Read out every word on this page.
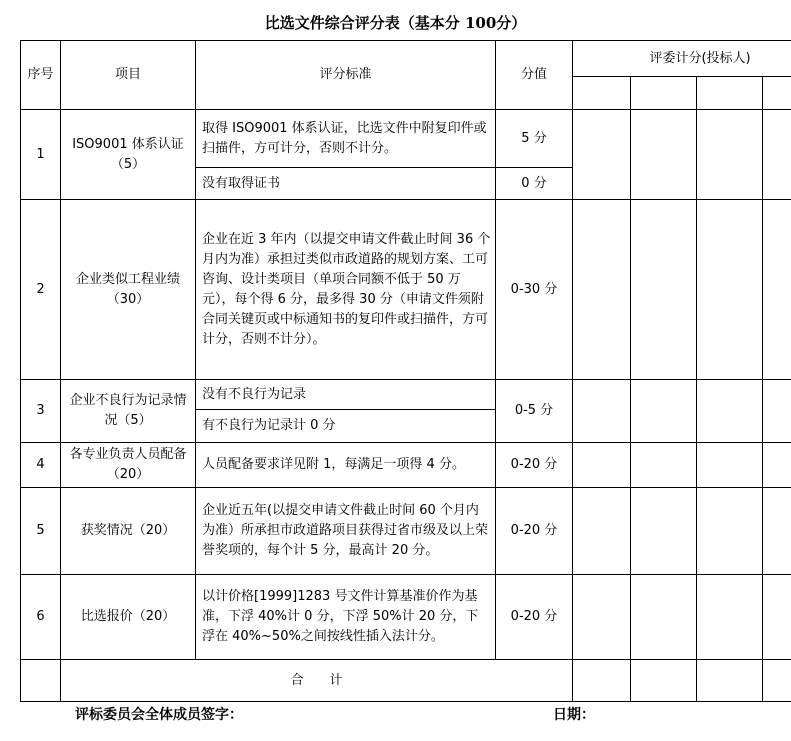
比选文件综合评分表（基本分 100分）
序号	项目	评分标准	分值	评委计分(投标人)			

1	ISO9001 体系认证（5）	取得 ISO9001 体系认证，比选文件中附复印件或扫描件，方可计分，否则不计分。	5 分				
		没有取得证书	0 分				
2	企业类似工程业绩（30）	企业在近 3 年内（以提交申请文件截止时间 36 个月内为准）承担过类似市政道路的规划方案、工可咨询、设计类项目（单项合同额不低于 50 万元），每个得 6 分，最多得 30 分（申请文件须附合同关键页或中标通知书的复印件或扫描件，方可计分，否则不计分）。	0-30 分				
3	企业不良行为记录情况（5）	没有不良行为记录	0-5 分				
		有不良行为记录计 0 分					
4	各专业负责人员配备（20）	人员配备要求详见附 1，每满足一项得 4 分。	0-20 分				
5	获奖情况（20）	企业近五年(以提交申请文件截止时间 60 个月内为准）所承担市政道路项目获得过省市级及以上荣誉奖项的，每个计 5 分，最高计 20 分。	0-20 分				
6	比选报价（20）	以计价格[1999]1283 号文件计算基准价作为基准，下浮 40%计 0 分，下浮 50%计 20 分，下浮在 40%~50%之间按线性插入法计分。	0-20 分				
	合　　计						
评标委员会全体成员签字：	日期：
